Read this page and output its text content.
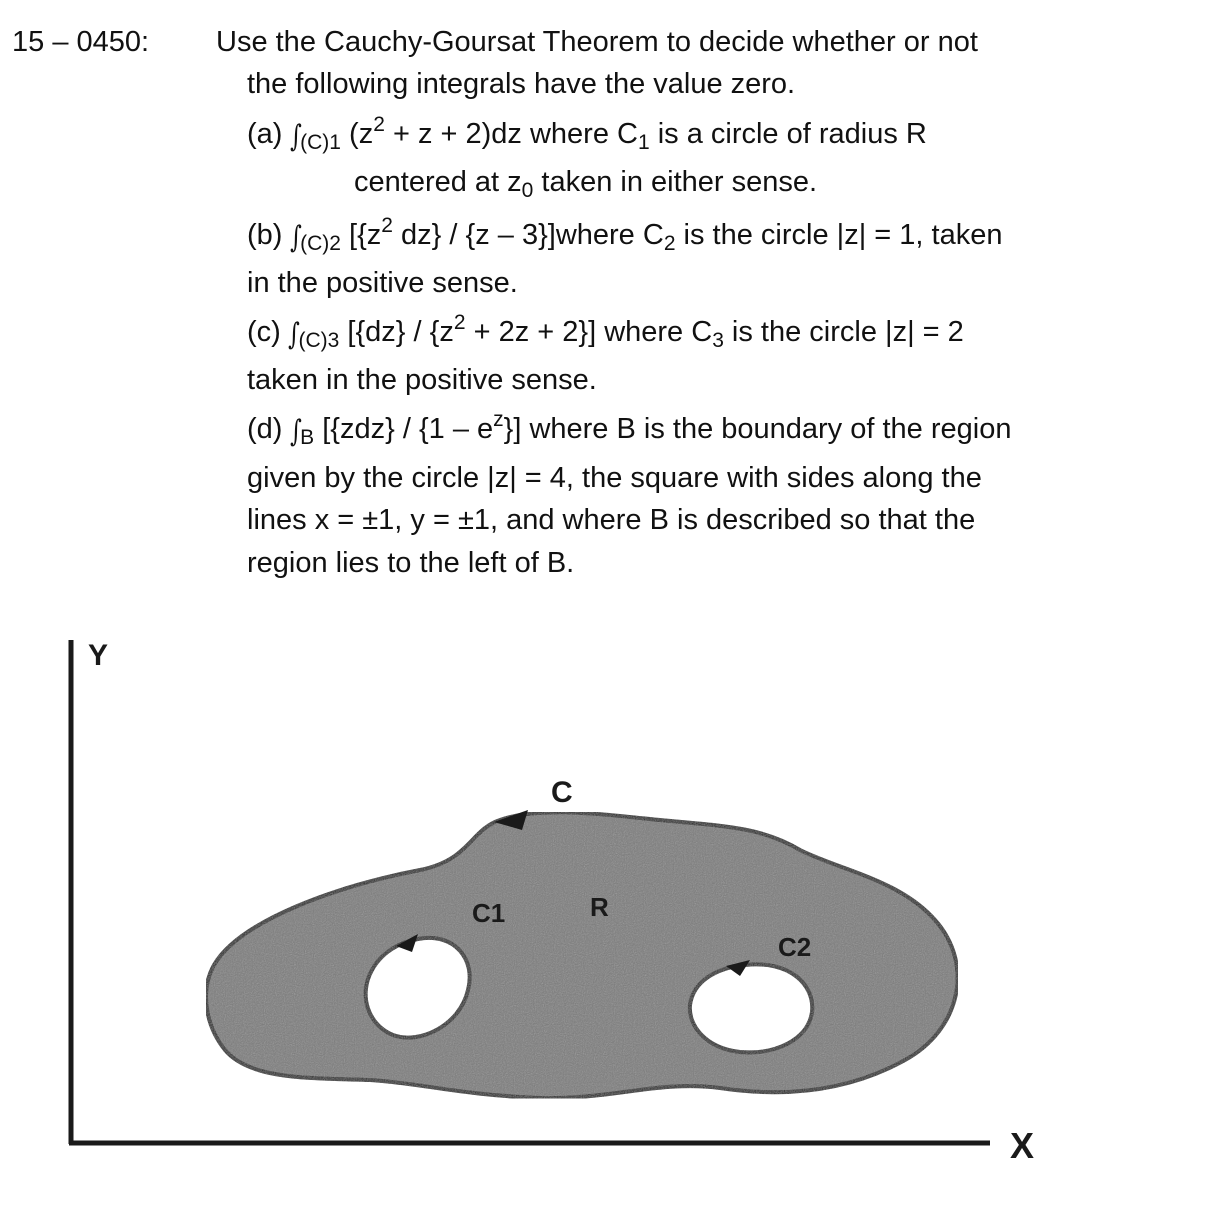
15 – 0450: Use the Cauchy-Goursat Theorem to decide whether or not
the following integrals have the value zero.
(a) $\int_{(C)1}$ $(z^2 + z + 2)dz$ where $C_1$ is a circle of radius R
centered at $z_0$ taken in either sense.
(b) $\int_{(C)2}$ [{$z^2$ dz} / {z – 3}]where $C_2$ is the circle |z| = 1, taken
in the positive sense.
(c) $\int_{(C)3}$ $[\{dz\} / \{z^2 + 2z + 2\}]$ where $C_3$ is the circle |z| = 2
taken in the positive sense.
(d) $\int_B$ $[\{zdz\} / \{1 - e^z\}]$ where B is the boundary of the region
given by the circle |z| = 4, the square with sides along the
lines x = ±1, y = ±1, and where B is described so that the
region lies to the left of B.
Y
X
C
R
C1
C2
